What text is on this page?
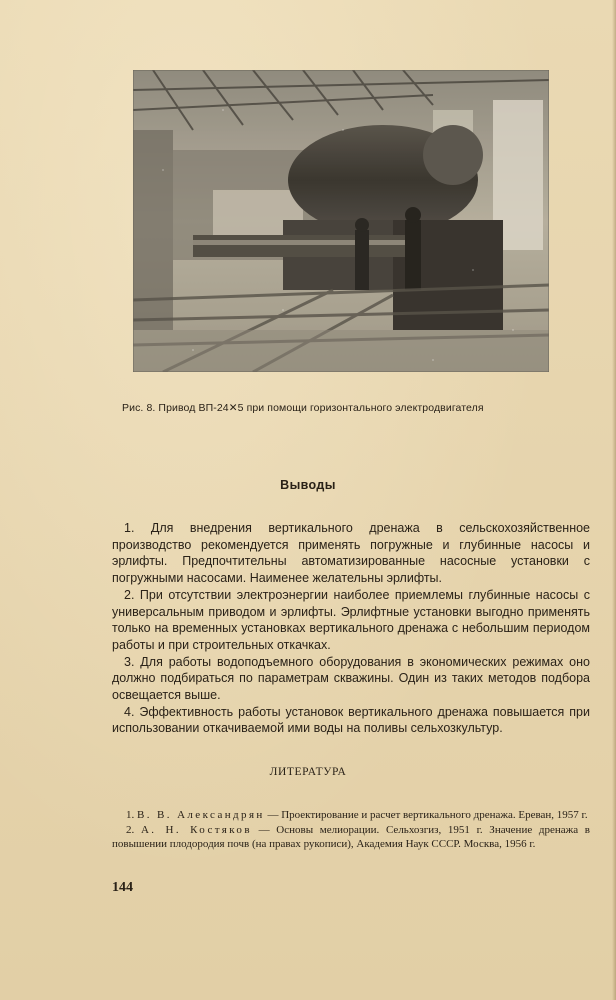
Рис. 8. Привод ВП-24✕5 при помощи горизонтального электродвигателя
Выводы

1. Для внедрения вертикального дренажа в сельскохозяйственное производство рекомендуется применять погружные и глубинные насосы и эрлифты. Предпочтительны автоматизированные насосные установки с погружными насосами. Наименее желательны эрлифты.

2. При отсутствии электроэнергии наиболее приемлемы глубинные насосы с универсальным приводом и эрлифты. Эрлифтные установки выгодно применять только на временных установках вертикального дренажа с небольшим периодом работы и при строительных откачках.

3. Для работы водоподъемного оборудования в экономических режимах оно должно подбираться по параметрам скважины. Один из таких методов подбора освещается выше.

4. Эффективность работы установок вертикального дренажа повышается при использовании откачиваемой ими воды на поливы сельхозкультур.

ЛИТЕРАТУРА

1. В. В. Александрян — Проектирование и расчет вертикального дренажа. Ереван, 1957 г.

2. А. Н. Костяков — Основы мелиорации. Сельхозгиз, 1951 г. Значение дренажа в повышении плодородия почв (на правах рукописи), Академия Наук СССР. Москва, 1956 г.

144
